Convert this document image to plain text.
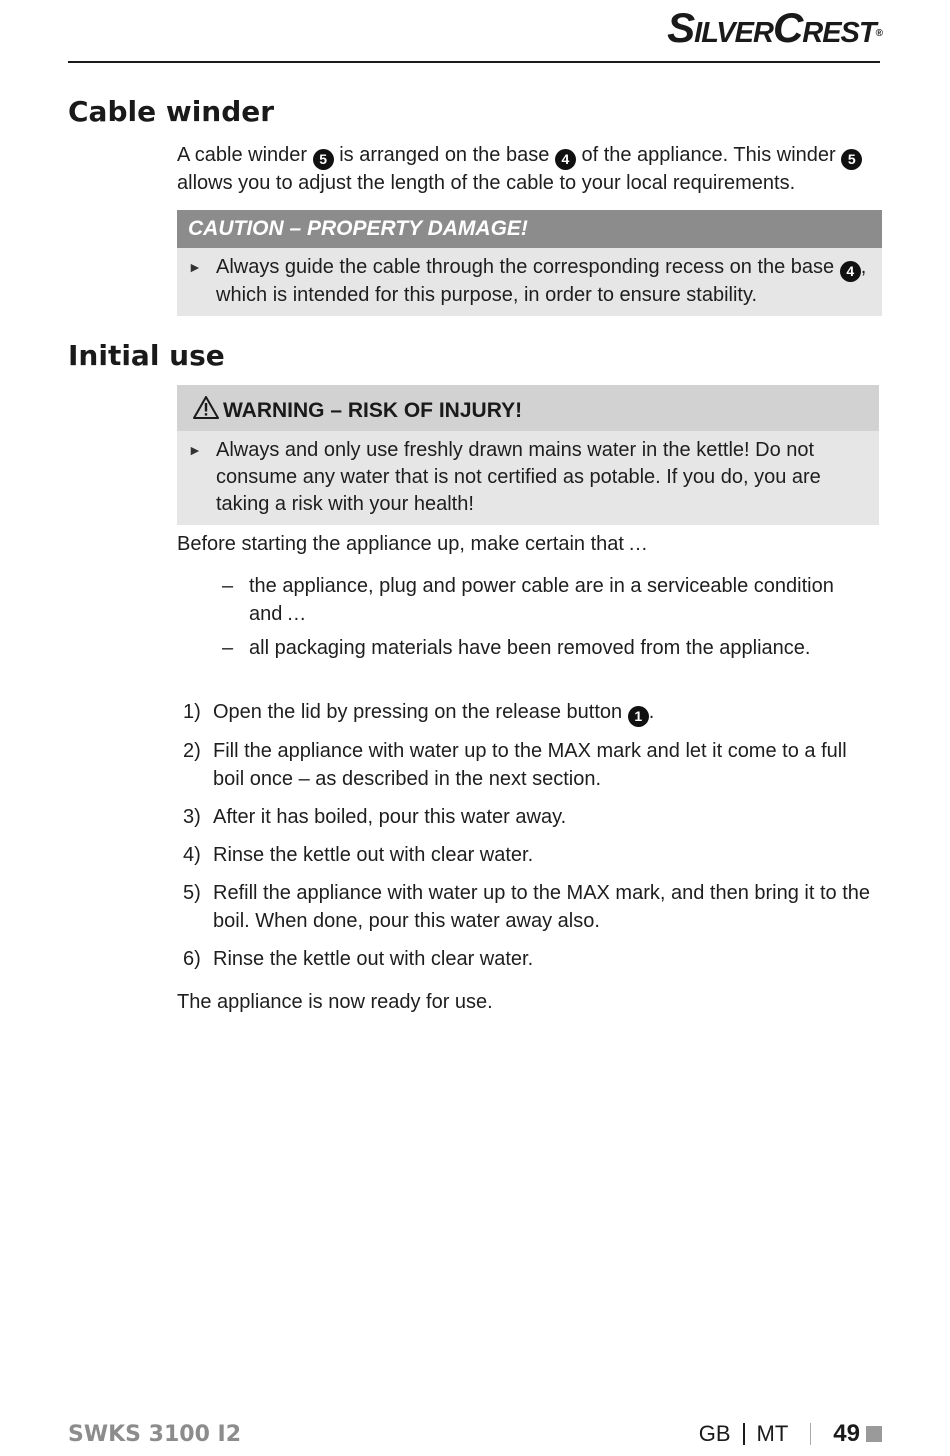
SilverCrest®
Cable winder

A cable winder 5 is arranged on the base 4 of the appliance. This winder 5 allows you to adjust the length of the cable to your local requirements.

CAUTION – PROPERTY DAMAGE!
► Always guide the cable through the corresponding recess on the base 4 , which is intended for this purpose, in order to ensure stability.
Initial use
WARNING – RISK OF INJURY!
► Always and only use freshly drawn mains water in the kettle! Do not consume any water that is not certified as potable. If you do, you are taking a risk with your health!

Before starting the appliance up, make certain that …

– the appliance, plug and power cable are in a serviceable condition and …
– all packaging materials have been removed from the appliance.
1) Open the lid by pressing on the release button 1 .
2) Fill the appliance with water up to the MAX mark and let it come to a full boil once – as described in the next section.
3) After it has boiled, pour this water away.
4) Rinse the kettle out with clear water.
5) Refill the appliance with water up to the MAX mark, and then bring it to the boil. When done, pour this water away also.
6) Rinse the kettle out with clear water.

The appliance is now ready for use.

SWKS 3100 I2	GB MT 49
